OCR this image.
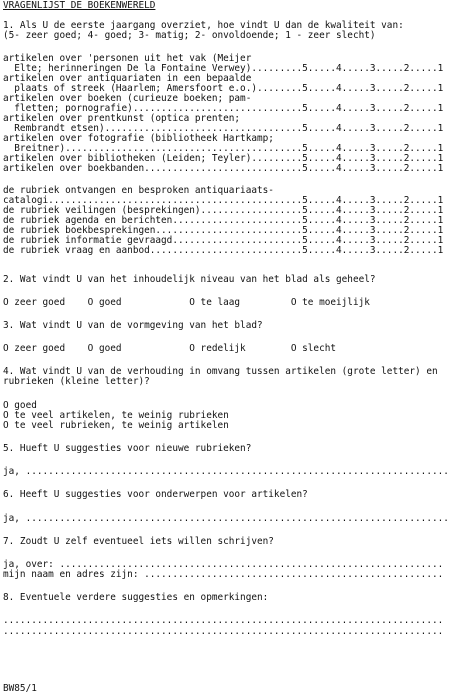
VRAGENLIJST DE BOEKENWERELD

1. Als U de eerste jaargang overziet, hoe vindt U dan de kwaliteit van:

(5- zeer goed; 4- goed; 3- matig; 2- onvoldoende; 1 - zeer slecht)

artikelen over 'personen uit het vak (Meijer

Elte; herinneringen De la Fontaine Verwey).........5.....4.....3.....2.....1

artikelen over antiquariaten in een bepaalde

plaats of streek (Haarlem; Amersfoort e.o.)........5.....4.....3.....2.....1

artikelen over boeken (curieuze boeken; pam-

fletten; pornografie)..............................5.....4.....3.....2.....1

artikelen over prentkunst (optica prenten;

Rembrandt etsen)...................................5.....4.....3.....2.....1

artikelen over fotografie (bibliotheek Hartkamp;

Breitner)..........................................5.....4.....3.....2.....1

artikelen over bibliotheken (Leiden; Teyler).........5.....4.....3.....2.....1

artikelen over boekbanden............................5.....4.....3.....2.....1

de rubriek ontvangen en besproken antiquariaats-

catalogi.............................................5.....4.....3.....2.....1

de rubriek veilingen (besprekingen)..................5.....4.....3.....2.....1

de rubriek agenda en berichten.......................5.....4.....3.....2.....1

de rubriek boekbesprekingen..........................5.....4.....3.....2.....1

de rubriek informatie gevraagd.......................5.....4.....3.....2.....1

de rubriek vraag en aanbod...........................5.....4.....3.....2.....1

2. Wat vindt U van het inhoudelijk niveau van het blad als geheel?

O zeer goed    O goed            O te laag         O te moeijlijk

3. Wat vindt U van de vormgeving van het blad?

O zeer goed    O goed            O redelijk        O slecht

4. Wat vindt U van de verhouding in omvang tussen artikelen (grote letter) en

rubrieken (kleine letter)?

O goed

O te veel artikelen, te weinig rubrieken

O te veel rubrieken, te weinig artikelen

5. Hueft U suggesties voor nieuwe rubrieken?

ja, ...........................................................................

6. Heeft U suggesties voor onderwerpen voor artikelen?

ja, ...........................................................................

7. Zoudt U zelf eventueel iets willen schrijven?

ja, over: ....................................................................

mijn naam en adres zijn: .....................................................

8. Eventuele verdere suggesties en opmerkingen:

..............................................................................

..............................................................................

BW85/1
